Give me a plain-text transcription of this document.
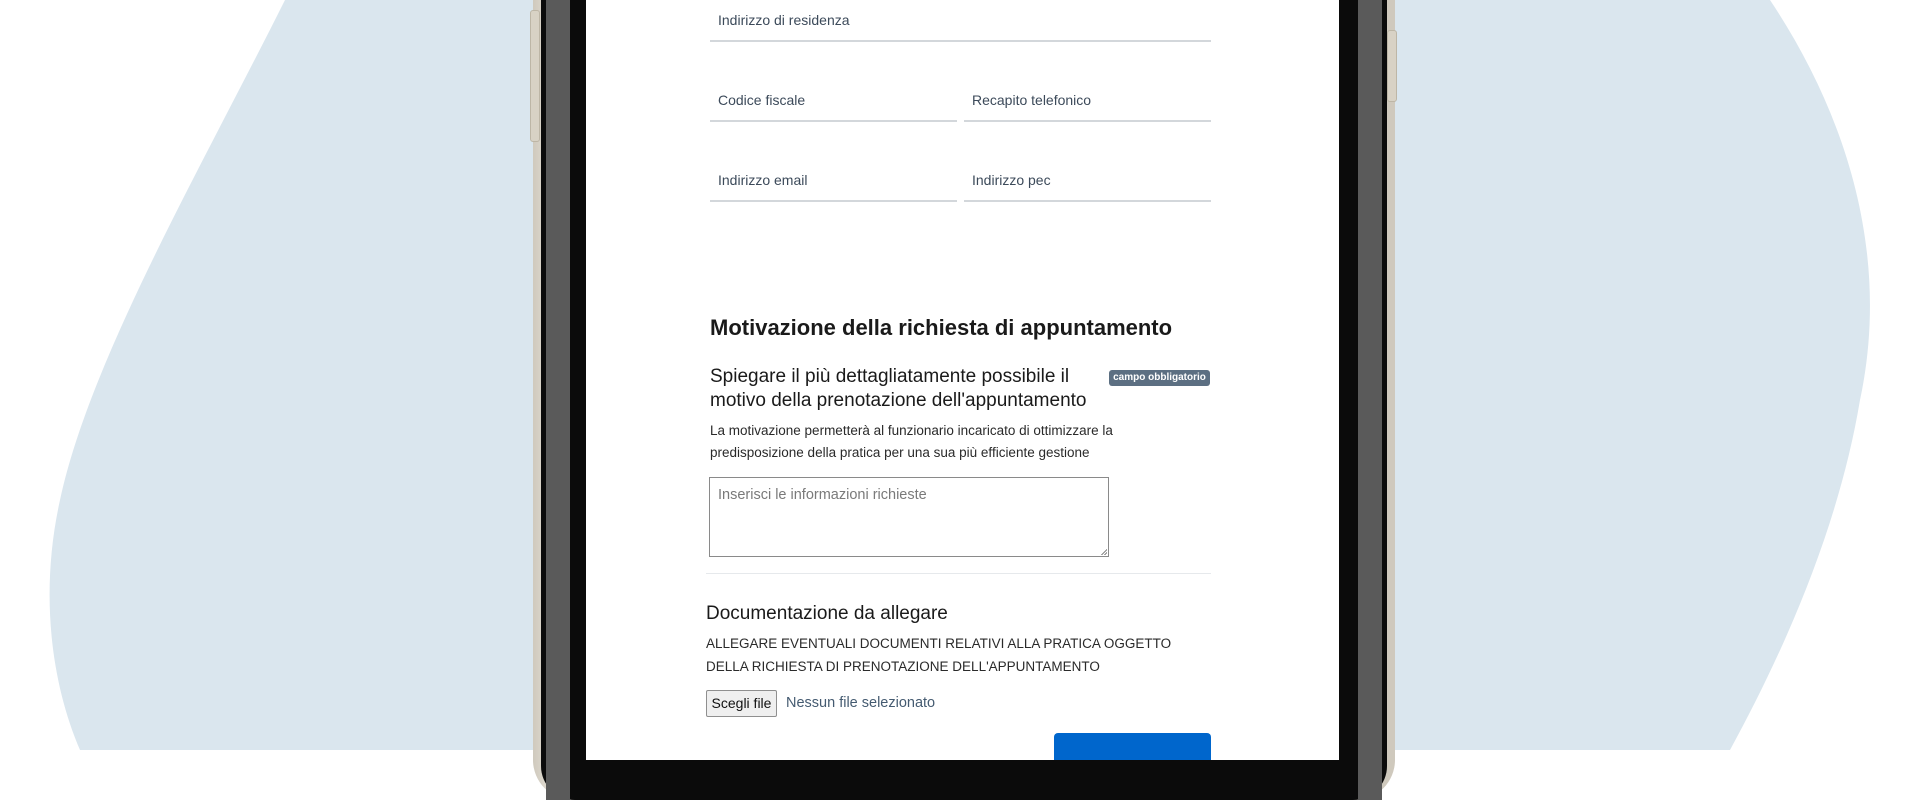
Indirizzo di residenza
Codice fiscale	Recapito telefonico
Indirizzo email	Indirizzo pec
Motivazione della richiesta di appuntamento
Spiegare il più dettagliatamente possibile il motivo della prenotazione dell'appuntamento
campo obbligatorio
La motivazione permetterà al funzionario incaricato di ottimizzare la predisposizione della pratica per una sua più efficiente gestione
Inserisci le informazioni richieste
Documentazione da allegare
ALLEGARE EVENTUALI DOCUMENTI RELATIVI ALLA PRATICA OGGETTO DELLA RICHIESTA DI PRENOTAZIONE DELL'APPUNTAMENTO
Scegli file	Nessun file selezionato
